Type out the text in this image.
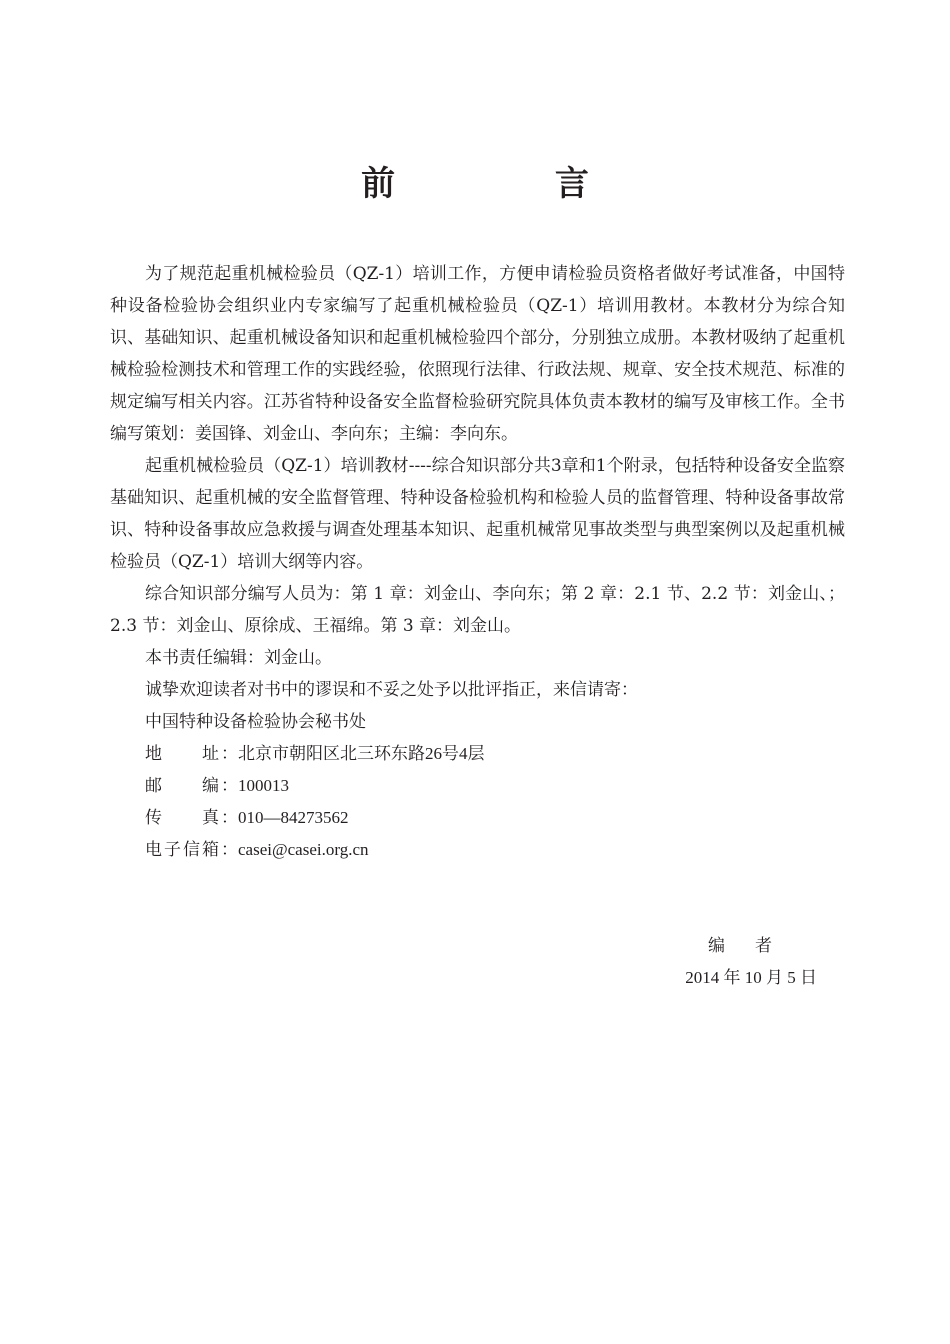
前 言

为了规范起重机械检验员（QZ-1）培训工作，方便申请检验员资格者做好考试准备，中国特种设备检验协会组织业内专家编写了起重机械检验员（QZ-1）培训用教材。本教材分为综合知识、基础知识、起重机械设备知识和起重机械检验四个部分，分别独立成册。本教材吸纳了起重机械检验检测技术和管理工作的实践经验，依照现行法律、行政法规、规章、安全技术规范、标准的规定编写相关内容。江苏省特种设备安全监督检验研究院具体负责本教材的编写及审核工作。全书编写策划：姜国锋、刘金山、李向东；主编：李向东。

起重机械检验员（QZ-1）培训教材----综合知识部分共3章和1个附录，包括特种设备安全监察基础知识、起重机械的安全监督管理、特种设备检验机构和检验人员的监督管理、特种设备事故常识、特种设备事故应急救援与调查处理基本知识、起重机械常见事故类型与典型案例以及起重机械检验员（QZ-1）培训大纲等内容。

综合知识部分编写人员为：第 1 章：刘金山、李向东；第 2 章：2.1 节、2.2 节：刘金山、；2.3 节：刘金山、原徐成、王福绵。第 3 章：刘金山。

本书责任编辑：刘金山。

诚挚欢迎读者对书中的谬误和不妥之处予以批评指正，来信请寄：

中国特种设备检验协会秘书处

地　　址： 北京市朝阳区北三环东路26号4层
邮　　编： 100013
传　　真： 010—84273562
电子信箱： casei@casei.org.cn

编者

2014 年 10 月 5 日
